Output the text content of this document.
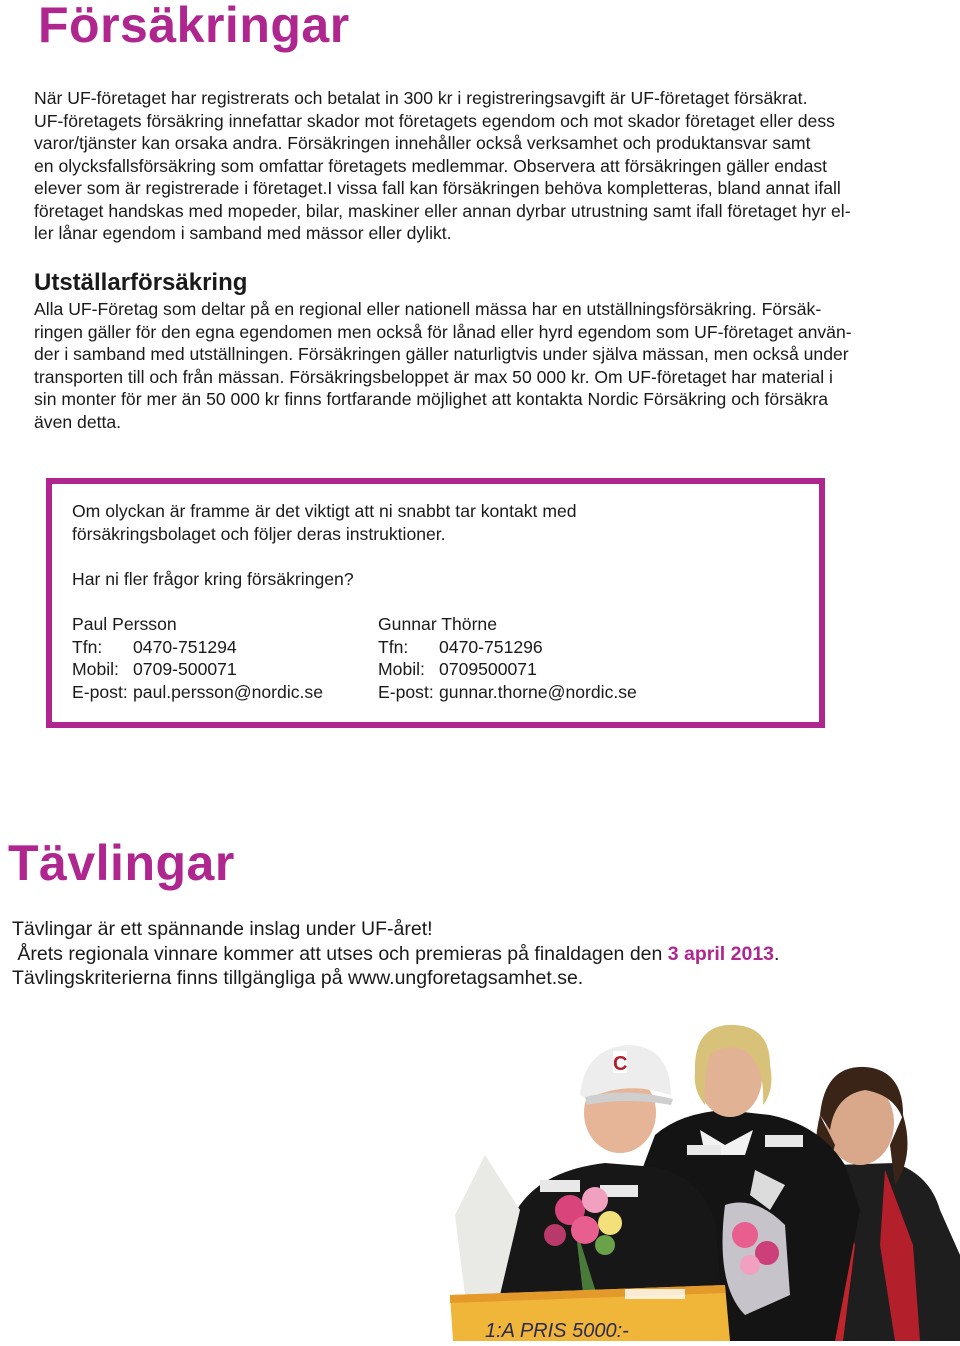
Försäkringar
När UF-företaget har registrerats och betalat in 300 kr i registreringsavgift är UF-företaget försäkrat.
UF-företagets försäkring innefattar skador mot företagets egendom och mot skador företaget eller dess
varor/tjänster kan orsaka andra. Försäkringen innehåller också verksamhet och produktansvar samt
en olycksfallsförsäkring som omfattar företagets medlemmar. Observera att försäkringen gäller endast
elever som är registrerade i företaget.I vissa fall kan försäkringen behöva kompletteras, bland annat ifall
företaget handskas med mopeder, bilar, maskiner eller annan dyrbar utrustning samt ifall företaget hyr el-
ler lånar egendom i samband med mässor eller dylikt.
Utställarförsäkring
Alla UF-Företag som deltar på en regional eller nationell mässa har en utställningsförsäkring. Försäk-
ringen gäller för den egna egendomen men också för lånad eller hyrd egendom som UF-företaget använ-
der i samband med utställningen. Försäkringen gäller naturligtvis under själva mässan, men också under
transporten till och från mässan. Försäkringsbeloppet är max 50 000 kr. Om UF-företaget har material i
sin monter för mer än 50 000 kr finns fortfarande möjlighet att kontakta Nordic Försäkring och försäkra
även detta.
Om olyckan är framme är det viktigt att ni snabbt tar kontakt med
försäkringsbolaget och följer deras instruktioner.
Har ni fler frågor kring försäkringen?
Paul Persson
Tfn:	0470-751294
Mobil: 0709-500071
E-post: paul.persson@nordic.se
Gunnar Thörne
Tfn:	0470-751296
Mobil: 0709500071
E-post: gunnar.thorne@nordic.se
Tävlingar
Tävlingar är ett spännande inslag under UF-året!
Årets regionala vinnare kommer att utses och premieras på finaldagen den 3 april 2013.
Tävlingskriterierna finns tillgängliga på www.ungforetagsamhet.se.
C
1:A PRIS 5000:-
